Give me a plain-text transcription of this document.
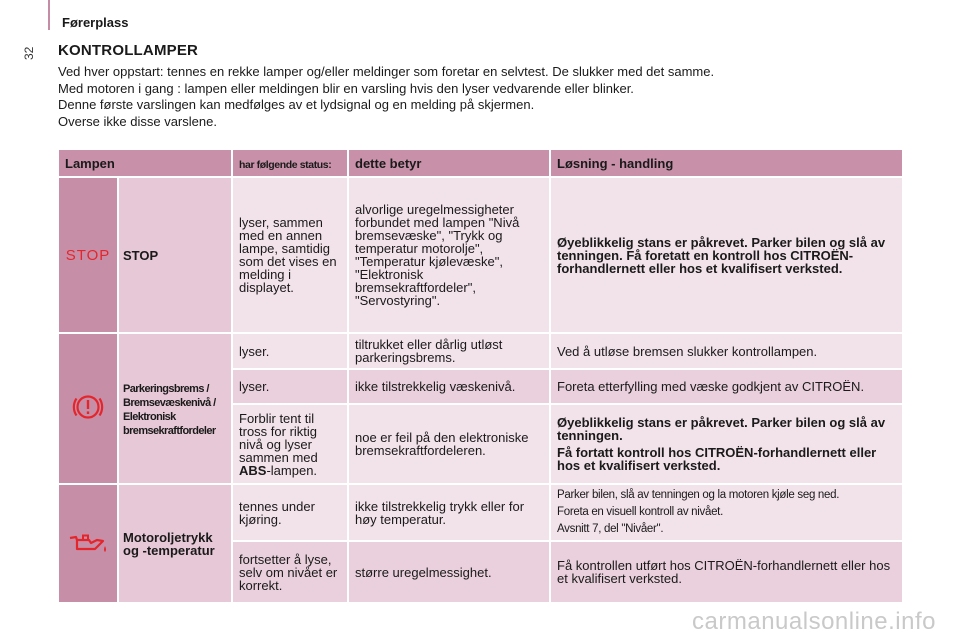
Førerplass
32 KONTROLLAMPER

Ved hver oppstart: tennes en rekke lamper og/eller meldinger som foretar en selvtest. De slukker med det samme.

Med motoren i gang : lampen eller meldingen blir en varsling hvis den lyser vedvarende eller blinker.

Denne første varslingen kan medfølges av et lydsignal og en melding på skjermen.

Overse ikke disse varslene.

Lampen		har følgende status:	dette betyr	Løsning - handling
STOP	STOP	lyser, sammen med en annen lampe, samtidig som det vises en melding i displayet.	alvorlige uregelmessigheter forbundet med lampen "Nivå bremsevæske", "Trykk og temperatur motorolje", "Temperatur kjølevæske", "Elektronisk bremsekraftfordeler", "Servostyring".	Øyeblikkelig stans er påkrevet. Parker bilen og slå av tenningen. Få foretatt en kontroll hos CITROËN-forhandlernett eller hos et kvalifisert verksted.
	Parkeringsbrems / Bremsevæskenivå / Elektronisk bremsekraftfordeler	lyser.	tiltrukket eller dårlig utløst parkeringsbrems.	Ved å utløse bremsen slukker kontrollampen.
		lyser.	ikke tilstrekkelig væskenivå.	Foreta etterfylling med væske godkjent av CITROËN.
		Forblir tent til tross for riktig nivå og lyser sammen med ABS-lampen.	noe er feil på den elektroniske bremsekraftfordeleren.	Øyeblikkelig stans er påkrevet. Parker bilen og slå av tenningen.

Få fortatt kontroll hos CITROËN-forhandlernett eller hos et kvalifisert verksted.

	Motoroljetrykk og -temperatur	tennes under kjøring.	ikke tilstrekkelig trykk eller for høy temperatur.	Parker bilen, slå av tenningen og la motoren kjøle seg ned.

Foreta en visuell kontroll av nivået.

Avsnitt 7, del "Nivåer".

		fortsetter å lyse, selv om nivået er korrekt.	større uregelmessighet.	Få kontrollen utført hos CITROËN-forhandlernett eller hos et kvalifisert verksted.
carmanualsonline.info
